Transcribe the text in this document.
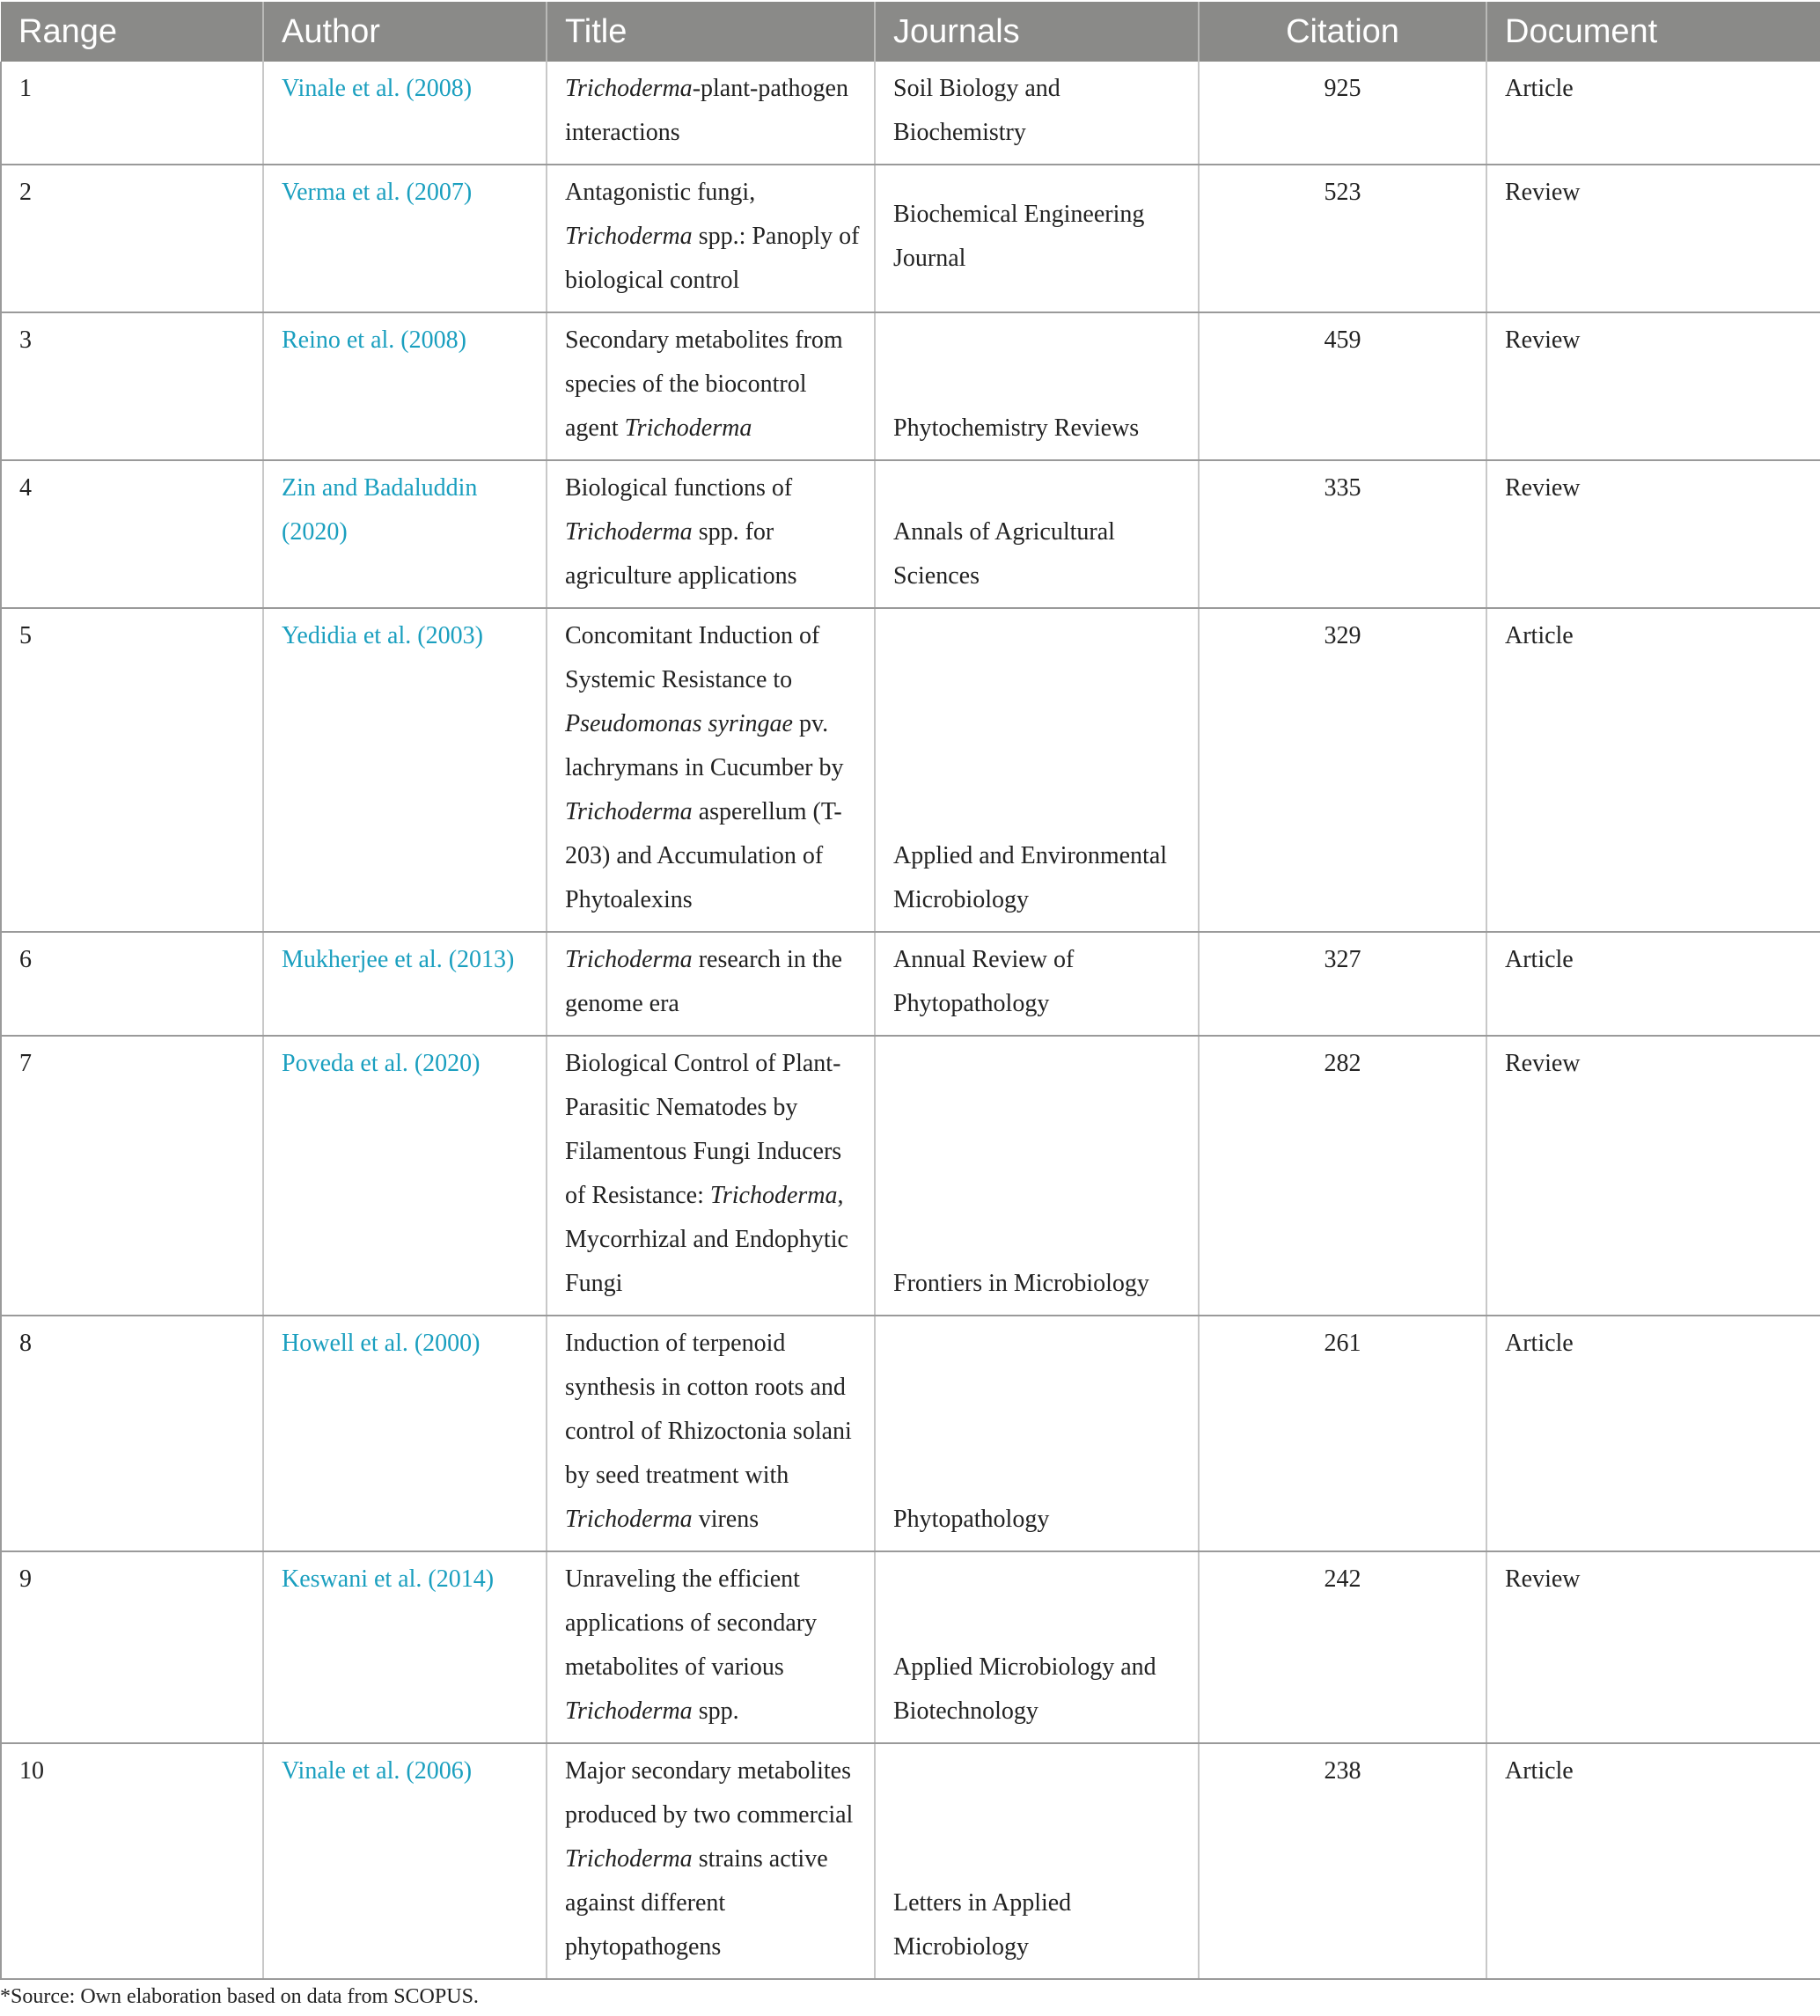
Range	Author	Title	Journals	Citation	Document
1	Vinale et al. (2008)	Trichoderma-plant-pathogen interactions	Soil Biology and Biochemistry	925	Article
2	Verma et al. (2007)	Antagonistic fungi, Trichoderma spp.: Panoply of biological control	Biochemical Engineering Journal	523	Review
3	Reino et al. (2008)	Secondary metabolites from species of the biocontrol agent Trichoderma	Phytochemistry Reviews	459	Review
4	Zin and Badaluddin (2020)	Biological functions of Trichoderma spp. for agriculture applications	Annals of Agricultural Sciences	335	Review
5	Yedidia et al. (2003)	Concomitant Induction of Systemic Resistance to Pseudomonas syringae pv. lachrymans in Cucumber by Trichoderma asperellum (T-203) and Accumulation of Phytoalexins	Applied and Environmental Microbiology	329	Article
6	Mukherjee et al. (2013)	Trichoderma research in the genome era	Annual Review of Phytopathology	327	Article
7	Poveda et al. (2020)	Biological Control of Plant-Parasitic Nematodes by Filamentous Fungi Inducers of Resistance: Trichoderma, Mycorrhizal and Endophytic Fungi	Frontiers in Microbiology	282	Review
8	Howell et al. (2000)	Induction of terpenoid synthesis in cotton roots and control of Rhizoctonia solani by seed treatment with Trichoderma virens	Phytopathology	261	Article
9	Keswani et al. (2014)	Unraveling the efficient applications of secondary metabolites of various Trichoderma spp.	Applied Microbiology and Biotechnology	242	Review
10	Vinale et al. (2006)	Major secondary metabolites produced by two commercial Trichoderma strains active against different phytopathogens	Letters in Applied Microbiology	238	Article
*Source: Own elaboration based on data from SCOPUS.
